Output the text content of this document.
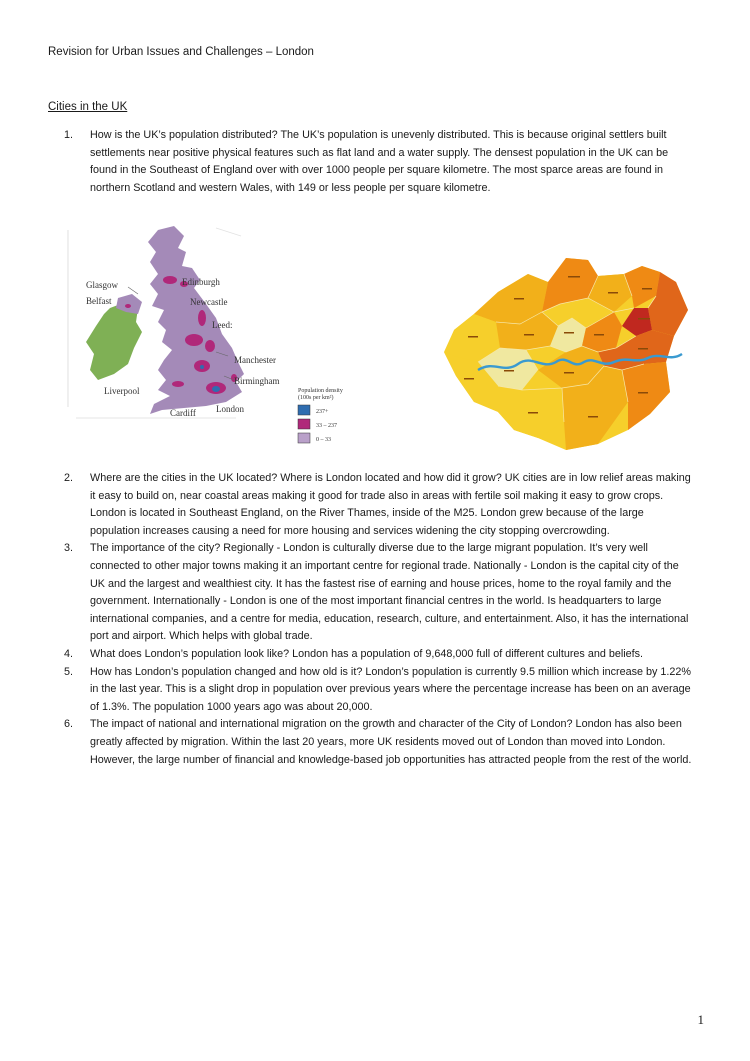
Revision for Urban Issues and Challenges – London
Cities in the UK
1. How is the UK’s population distributed? The UK’s population is unevenly distributed. This is because original settlers built settlements near positive physical features such as flat land and a water supply. The densest population in the UK can be found in the Southeast of England over with over 1000 people per square kilometre. The most sparce areas are found in northern Scotland and western Wales, with 149 or less people per square kilometre.
Glasgow
Belfast
Edinburgh
Newcastle
Leed:
Manchester
Birmingham
Liverpool
Cardiff London
Population density
(100s per km²)
237+
33 – 237
0 – 33
2. Where are the cities in the UK located? Where is London located and how did it grow? UK cities are in low relief areas making it easy to build on, near coastal areas making it good for trade also in areas with fertile soil making it easy to grow crops. London is located in Southeast England, on the River Thames, inside of the M25. London grew because of the large population increases causing a need for more housing and services widening the city stopping overcrowding.
3. The importance of the city? Regionally - London is culturally diverse due to the large migrant population. It’s very well connected to other major towns making it an important centre for regional trade. Nationally - London is the capital city of the UK and the largest and wealthiest city. It has the fastest rise of earning and house prices, home to the royal family and the government. Internationally - London is one of the most important financial centres in the world. Is headquarters to large international companies, and a centre for media, education, research, culture, and entertainment. Also, it has the international port and airport. Which helps with global trade.
4. What does London’s population look like? London has a population of 9,648,000 full of different cultures and beliefs.
5. How has London’s population changed and how old is it? London’s population is currently 9.5 million which increase by 1.22% in the last year. This is a slight drop in population over previous years where the percentage increase has been on an average of 1.3%. The population 1000 years ago was about 20,000.
6. The impact of national and international migration on the growth and character of the City of London? London has also been greatly affected by migration. Within the last 20 years, more UK residents moved out of London than moved into London. However, the large number of financial and knowledge-based job opportunities has attracted people from the rest of the world.
1
